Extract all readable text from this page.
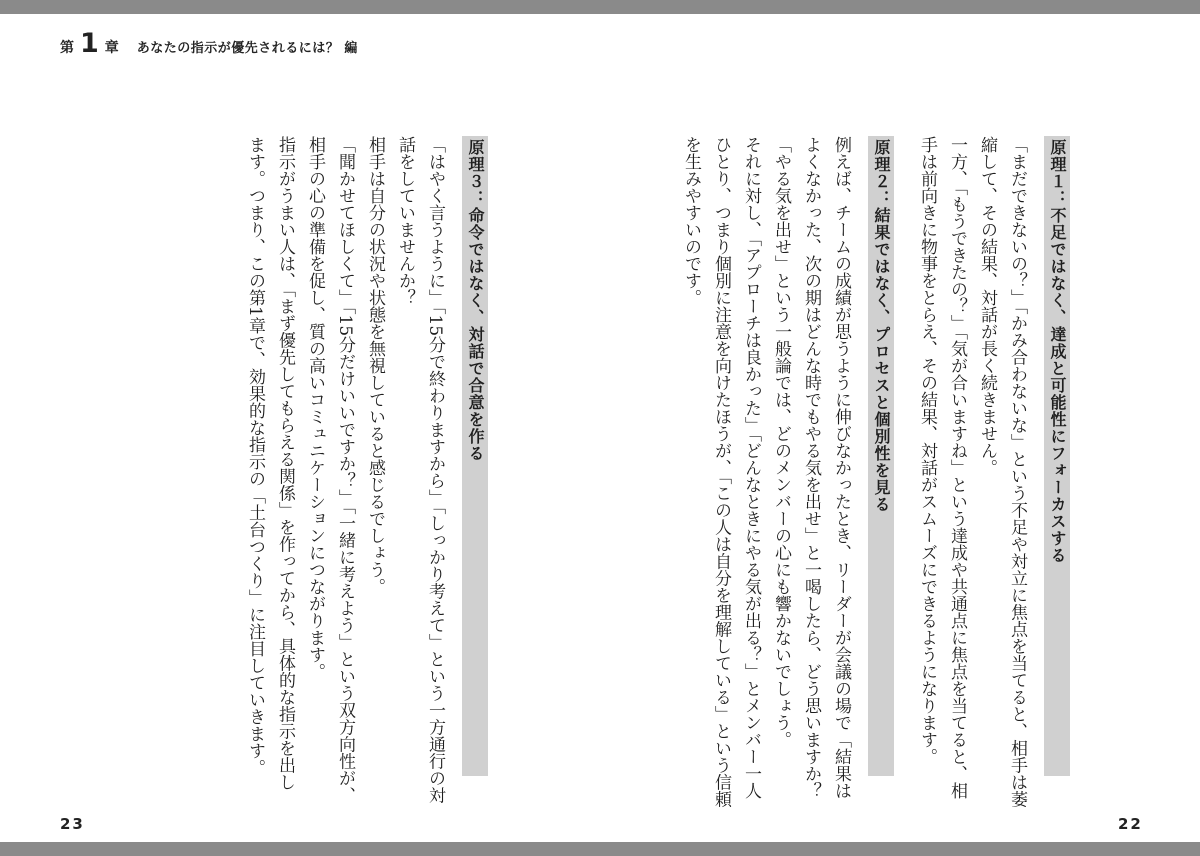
第 1 章 あなたの指示が優先されるには？ 編
原理１：不足ではなく、達成と可能性にフォーカスする
「まだできないの？」「かみ合わないな」という不足や対立に焦点を当てると、相手は萎
縮して、その結果、対話が長く続きません。
一方、「もうできたの？」「気が合いますね」という達成や共通点に焦点を当てると、相
手は前向きに物事をとらえ、その結果、対話がスムーズにできるようになります。
原理２：結果ではなく、プロセスと個別性を見る
例えば、チームの成績が思うように伸びなかったとき、リーダーが会議の場で「結果は
よくなかった、次の期はどんな時でもやる気を出せ」と一喝したら、どう思いますか？
「やる気を出せ」という一般論では、どのメンバーの心にも響かないでしょう。
それに対し、「アプローチは良かった」「どんなときにやる気が出る？」とメンバー一人
ひとり、つまり個別に注意を向けたほうが、「この人は自分を理解している」という信頼
を生みやすいのです。
原理３：命令ではなく、対話で合意を作る
「はやく言うように」「15分で終わりますから」「しっかり考えて」という一方通行の対
話をしていませんか？
相手は自分の状況や状態を無視していると感じるでしょう。
「聞かせてほしくて」「15分だけいいですか？」「一緒に考えよう」という双方向性が、
相手の心の準備を促し、質の高いコミュニケーションにつながります。
指示がうまい人は、「まず優先してもらえる関係」を作ってから、具体的な指示を出し
ます。つまり、この第1章で、効果的な指示の「土台つくり」に注目していきます。
23	22
